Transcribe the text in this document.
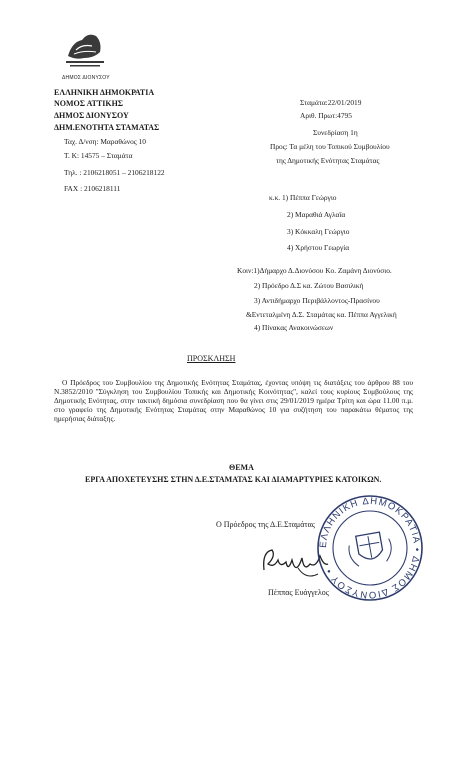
ΔΗΜΟΣ ΔΙΟΝΥΣΟΥ
ΕΛΛΗΝΙΚΗ ΔΗΜΟΚΡΑΤΙΑ
ΝΟΜΟΣ ΑΤΤΙΚΗΣ
ΔΗΜΟΣ ΔΙΟΝΥΣΟΥ
ΔΗΜ.ΕΝΟΤΗΤΑ ΣΤΑΜΑΤΑΣ
Ταχ. Δ/νση: Μαραθώνος 10
Τ. Κ: 14575 – Σταμάτα
Τηλ. : 2106218051 – 2106218122
FAX : 2106218111
Σταμάτα:22/01/2019
Αριθ. Πρωτ:4795
Συνεδρίαση 1η
Προς: Τα μέλη του Τοπικού Συμβουλίου
της Δημοτικής Ενότητας Σταμάτας
κ.κ. 1) Πέππα Γεώργιο
2) Μαραθιά Αγλαΐα
3) Κόκκαλη Γεώργιο
4) Χρήστου Γεωργία
Κοιν:1)Δήμαρχο Δ.Διονύσου Κο. Ζαμάνη Διονύσιο.
2) Πρόεδρο Δ.Σ κα. Ζώτου Βασιλική
3) Αντιδήμαρχο Περιβάλλοντος-Πρασίνου
&Εντεταλμένη Δ.Σ. Σταμάτας κα. Πέππα Αγγελική
4) Πίνακας Ανακοινώσεων
ΠΡΟΣΚΛΗΣΗ
Ο Πρόεδρος του Συμβουλίου της Δημοτικής Ενότητας Σταμάτας, έχοντας υπόψη τις διατάξεις του άρθρου 88 του Ν.3852/2010 ''Σύγκληση του Συμβουλίου Τοπικής και Δημοτικής Κοινότητας'', καλεί τους κυρίους Συμβούλους της Δημοτικής Ενότητας, στην τακτική δημόσια συνεδρίαση που θα γίνει στις 29/01/2019 ημέρα Τρίτη και ώρα 11.00 π.μ. στο γραφείο της Δημοτικής Ενότητας Σταμάτας στην Μαραθώνος 10 για συζήτηση του παρακάτω θέματος της ημερήσιας διάταξης.
ΘΕΜΑ
ΕΡΓΑ ΑΠΟΧΕΤΕΥΣΗΣ ΣΤΗΝ Δ.Ε.ΣΤΑΜΑΤΑΣ ΚΑΙ ΔΙΑΜΑΡΤΥΡΙΕΣ ΚΑΤΟΙΚΩΝ.
Ο Πρόεδρος της Δ.Ε.Σταμάτας
Πέππας Ευάγγελος
ΕΛΛΗΝΙΚΗ ΔΗΜΟΚΡΑΤΙΑ • ΔΗΜΟΣ ΔΙΟΝΥΣΟΥ •
